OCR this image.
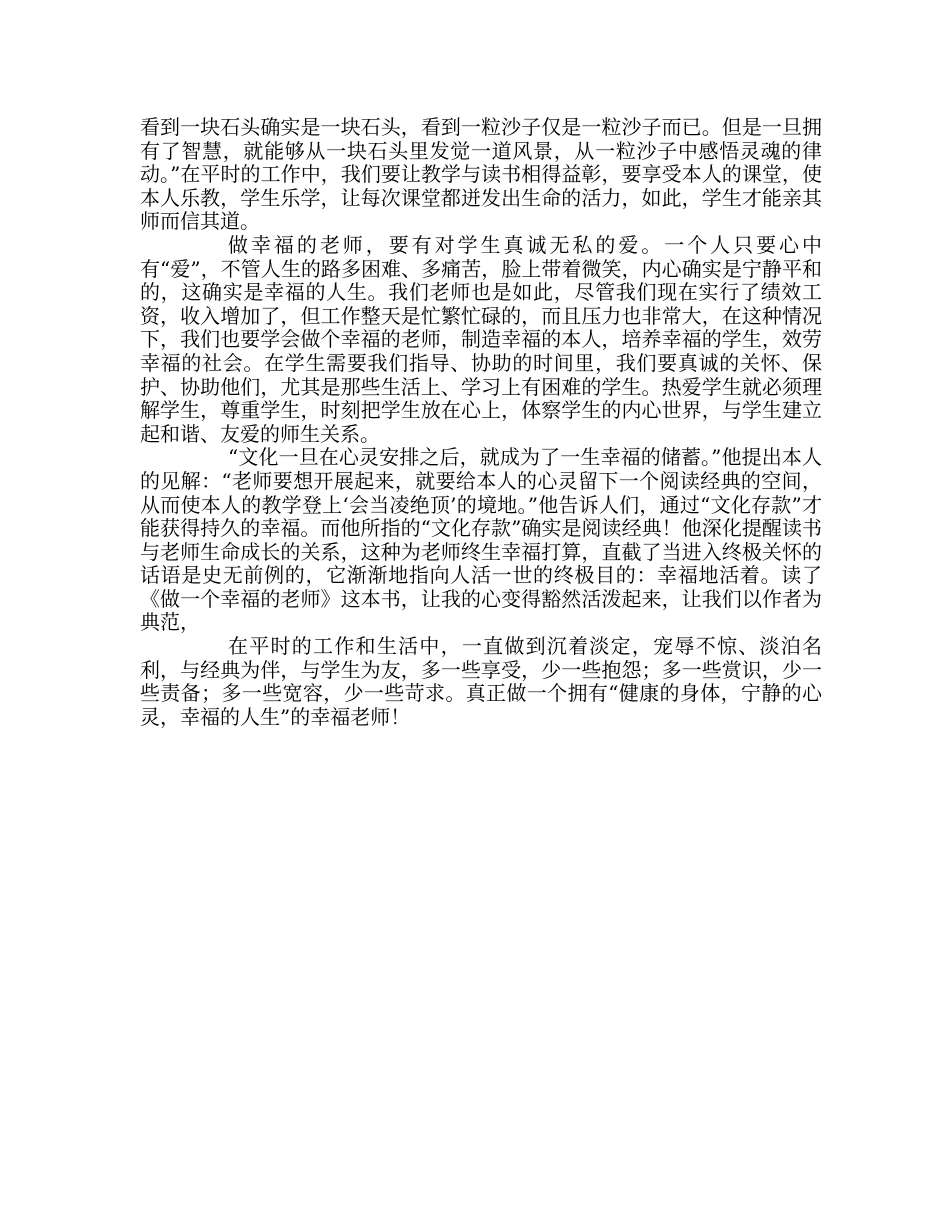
看到一块石头确实是一块石头，看到一粒沙子仅是一粒沙子而已。但是一旦拥有了智慧，就能够从一块石头里发觉一道风景，从一粒沙子中感悟灵魂的律动。”在平时的工作中，我们要让教学与读书相得益彰，要享受本人的课堂，使本人乐教，学生乐学，让每次课堂都迸发出生命的活力，如此，学生才能亲其师而信其道。

做幸福的老师，要有对学生真诚无私的爱。一个人只要心中有“爱”，不管人生的路多困难、多痛苦，脸上带着微笑，内心确实是宁静平和的，这确实是幸福的人生。我们老师也是如此，尽管我们现在实行了绩效工资，收入增加了，但工作整天是忙繁忙碌的，而且压力也非常大，在这种情况下，我们也要学会做个幸福的老师，制造幸福的本人，培养幸福的学生，效劳幸福的社会。在学生需要我们指导、协助的时间里，我们要真诚的关怀、保护、协助他们，尤其是那些生活上、学习上有困难的学生。热爱学生就必须理解学生，尊重学生，时刻把学生放在心上，体察学生的内心世界，与学生建立起和谐、友爱的师生关系。

“文化一旦在心灵安排之后，就成为了一生幸福的储蓄。”他提出本人的见解：“老师要想开展起来，就要给本人的心灵留下一个阅读经典的空间，从而使本人的教学登上‘会当凌绝顶’的境地。”他告诉人们，通过“文化存款”才能获得持久的幸福。而他所指的“文化存款”确实是阅读经典！他深化提醒读书与老师生命成长的关系，这种为老师终生幸福打算，直截了当进入终极关怀的话语是史无前例的，它渐渐地指向人活一世的终极目的：幸福地活着。读了《做一个幸福的老师》这本书，让我的心变得豁然活泼起来，让我们以作者为典范，

在平时的工作和生活中，一直做到沉着淡定，宠辱不惊、淡泊名利，与经典为伴，与学生为友，多一些享受，少一些抱怨；多一些赏识，少一些责备；多一些宽容，少一些苛求。真正做一个拥有“健康的身体，宁静的心灵，幸福的人生”的幸福老师！
